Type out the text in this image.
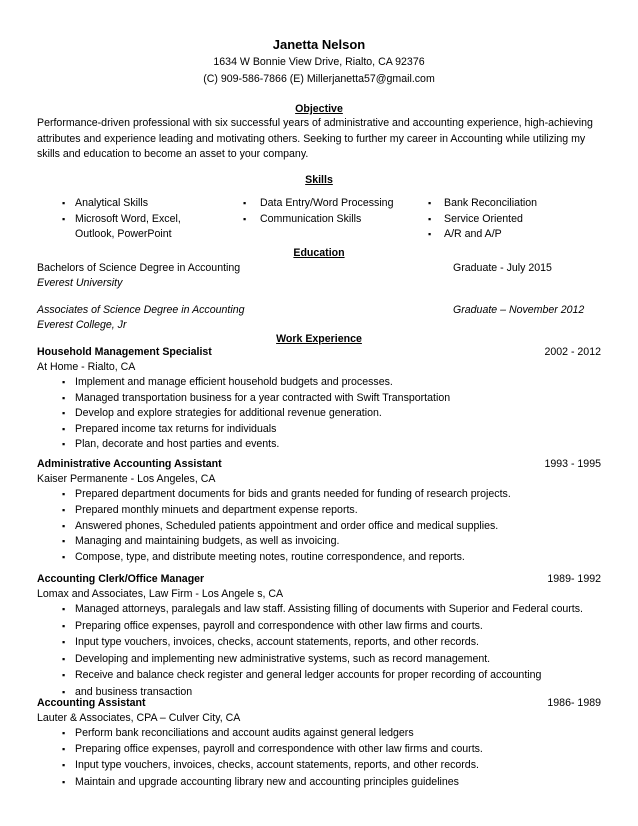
Janetta Nelson
1634 W Bonnie View Drive, Rialto, CA 92376
(C) 909-586-7866 (E) Millerjanetta57@gmail.com
Objective
Performance-driven professional with six successful years of administrative and accounting experience, high-achieving attributes and experience leading and motivating others. Seeking to further my career in Accounting while utilizing my skills and education to become an asset to your company.
Skills
▪ Analytical Skills
▪ Microsoft Word, Excel,
Outlook, PowerPoint
▪ Data Entry/Word Processing
▪ Communication Skills
▪ Bank Reconciliation
▪ Service Oriented
▪ A/R and A/P
Education
Bachelors of Science Degree in Accounting	Graduate - July 2015
Everest University
Associates of Science Degree in Accounting	Graduate – November 2012
Everest College, Jr
Work Experience
Household Management Specialist	2002 - 2012
At Home - Rialto, CA
▪ Implement and manage efficient household budgets and processes.
▪ Managed transportation business for a year contracted with Swift Transportation
▪ Develop and explore strategies for additional revenue generation.
▪ Prepared income tax returns for individuals
▪ Plan, decorate and host parties and events.
Administrative Accounting Assistant	1993 - 1995
Kaiser Permanente - Los Angeles, CA
▪ Prepared department documents for bids and grants needed for funding of research projects.
▪ Prepared monthly minuets and department expense reports.
▪ Answered phones, Scheduled patients appointment and order office and medical supplies.
▪ Managing and maintaining budgets, as well as invoicing.
▪ Compose, type, and distribute meeting notes, routine correspondence, and reports.
Accounting Clerk/Office Manager	1989- 1992
Lomax and Associates, Law Firm - Los Angele s, CA
▪ Managed attorneys, paralegals and law staff. Assisting filling of documents with Superior and Federal courts.
▪ Preparing office expenses, payroll and correspondence with other law firms and courts.
▪ Input type vouchers, invoices, checks, account statements, reports, and other records.
▪ Developing and implementing new administrative systems, such as record management.
▪ Receive and balance check register and general ledger accounts for proper recording of accounting
▪ and business transaction
Accounting Assistant	1986- 1989
Lauter & Associates, CPA – Culver City, CA
▪ Perform bank reconciliations and account audits against general ledgers
▪ Preparing office expenses, payroll and correspondence with other law firms and courts.
▪ Input type vouchers, invoices, checks, account statements, reports, and other records.
▪ Maintain and upgrade accounting library new and accounting principles guidelines
